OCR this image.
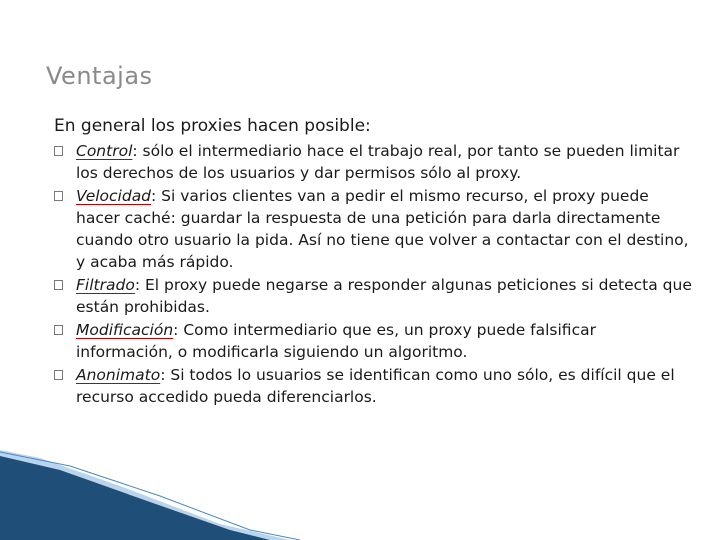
Ventajas
En general los proxies hacen posible:
Control: sólo el intermediario hace el trabajo real, por tanto se pueden limitar los derechos de los usuarios y dar permisos sólo al proxy.
Velocidad: Si varios clientes van a pedir el mismo recurso, el proxy puede hacer caché: guardar la respuesta de una petición para darla directamente cuando otro usuario la pida. Así no tiene que volver a contactar con el destino, y acaba más rápido.
Filtrado: El proxy puede negarse a responder algunas peticiones si detecta que están prohibidas.
Modificación: Como intermediario que es, un proxy puede falsificar información, o modificarla siguiendo un algoritmo.
Anonimato: Si todos lo usuarios se identifican como uno sólo, es difícil que el recurso accedido pueda diferenciarlos.
